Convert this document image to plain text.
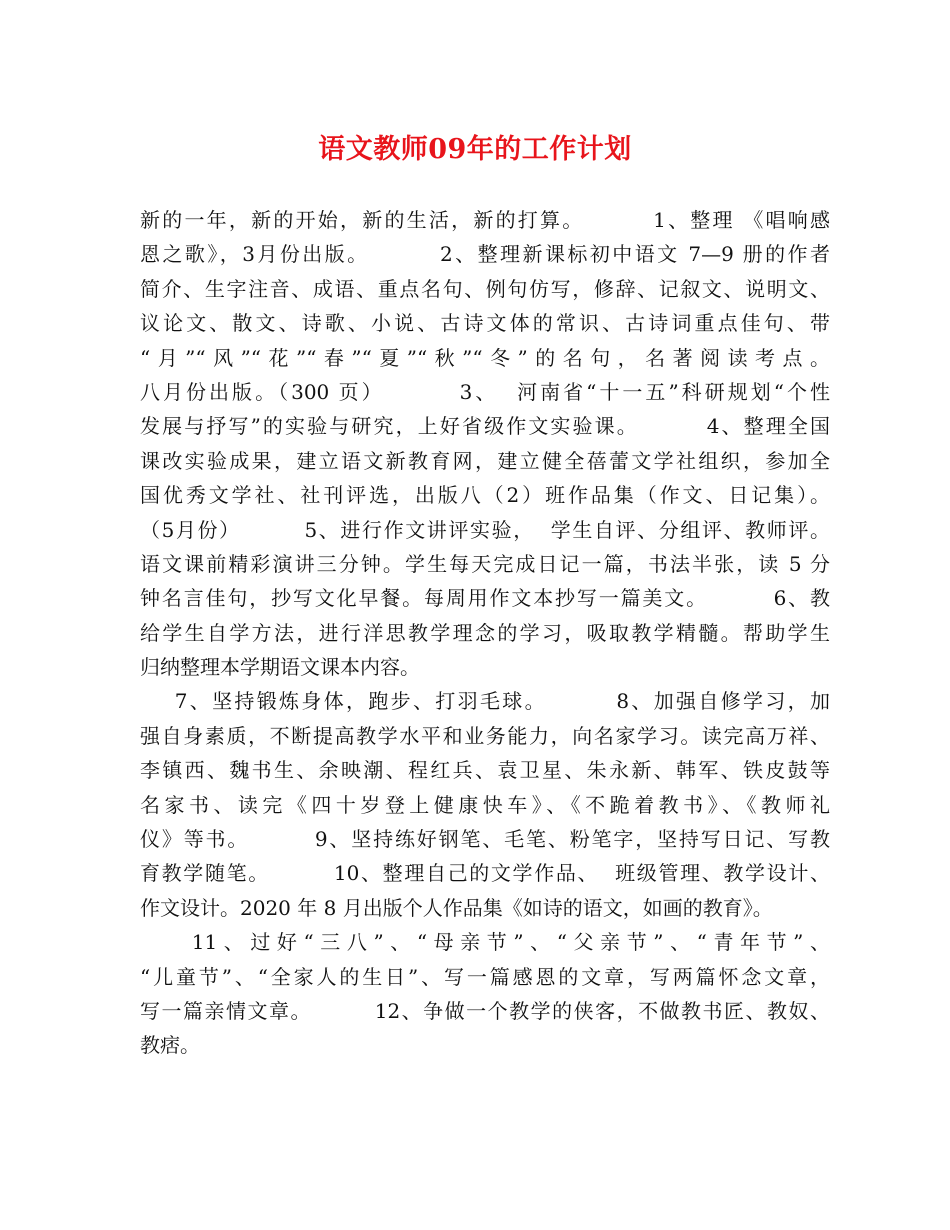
语文教师09年的工作计划
新的一年，新的开始，新的生活，新的打算。        1、整理 《唱响感
恩之歌》，3月份出版。        2、整理新课标初中语文 7—9 册的作者
简介、生字注音、成语、重点名句、例句仿写，修辞、记叙文、说明文、
议论文、散文、诗歌、小说、古诗文体的常识、古诗词重点佳句、带
“月”“风”“花”“春”“夏”“秋”“冬”的名句，名著阅读考点。
八月份出版。（300 页）        3、  河南省“十一五”科研规划“个性
发展与抒写”的实验与研究，上好省级作文实验课。        4、整理全国
课改实验成果，建立语文新教育网，建立健全蓓蕾文学社组织，参加全
国优秀文学社、社刊评选，出版八（2）班作品集（作文、日记集）。
（5月份）        5、进行作文讲评实验，  学生自评、分组评、教师评。
语文课前精彩演讲三分钟。学生每天完成日记一篇，书法半张，读 5 分
钟名言佳句，抄写文化早餐。每周用作文本抄写一篇美文。        6、教
给学生自学方法，进行洋思教学理念的学习，吸取教学精髓。帮助学生
归纳整理本学期语文课本内容。
7、坚持锻炼身体，跑步、打羽毛球。        8、加强自修学习，加
强自身素质，不断提高教学水平和业务能力，向名家学习。读完高万祥、
李镇西、魏书生、余映潮、程红兵、袁卫星、朱永新、韩军、铁皮鼓等
名家书、读完《四十岁登上健康快车》、《不跪着教书》、《教师礼
仪》等书。        9、坚持练好钢笔、毛笔、粉笔字，坚持写日记、写教
育教学随笔。        10、整理自己的文学作品、  班级管理、教学设计、
作文设计。2020 年 8 月出版个人作品集《如诗的语文，如画的教育》。
11、过好“三八”、“母亲节”、“父亲节”、“青年节”、
“儿童节”、“全家人的生日”、写一篇感恩的文章，写两篇怀念文章，
写一篇亲情文章。        12、争做一个教学的侠客，不做教书匠、教奴、
教痞。
